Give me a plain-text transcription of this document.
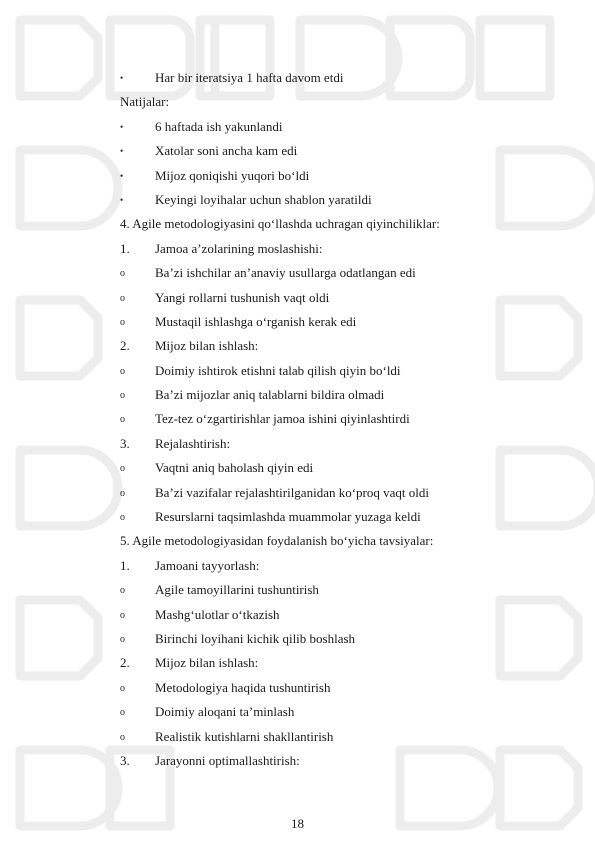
• Har bir iteratsiya 1 hafta davom etdi
Natijalar:
• 6 haftada ish yakunlandi
• Xatolar soni ancha kam edi
• Mijoz qoniqishi yuqori bo‘ldi
• Keyingi loyihalar uchun shablon yaratildi
4. Agile metodologiyasini qo‘llashda uchragan qiyinchiliklar:
1. Jamoa a’zolarining moslashishi:
o Ba’zi ishchilar an’anaviy usullarga odatlangan edi
o Yangi rollarni tushunish vaqt oldi
o Mustaqil ishlashga o‘rganish kerak edi
2. Mijoz bilan ishlash:
o Doimiy ishtirok etishni talab qilish qiyin bo‘ldi
o Ba’zi mijozlar aniq talablarni bildira olmadi
o Tez-tez o‘zgartirishlar jamoa ishini qiyinlashtirdi
3. Rejalashtirish:
o Vaqtni aniq baholash qiyin edi
o Ba’zi vazifalar rejalashtirilganidan ko‘proq vaqt oldi
o Resurslarni taqsimlashda muammolar yuzaga keldi
5. Agile metodologiyasidan foydalanish bo‘yicha tavsiyalar:
1. Jamoani tayyorlash:
o Agile tamoyillarini tushuntirish
o Mashg‘ulotlar o‘tkazish
o Birinchi loyihani kichik qilib boshlash
2. Mijoz bilan ishlash:
o Metodologiya haqida tushuntirish
o Doimiy aloqani ta’minlash
o Realistik kutishlarni shakllantirish
3. Jarayonni optimallashtirish:
18
